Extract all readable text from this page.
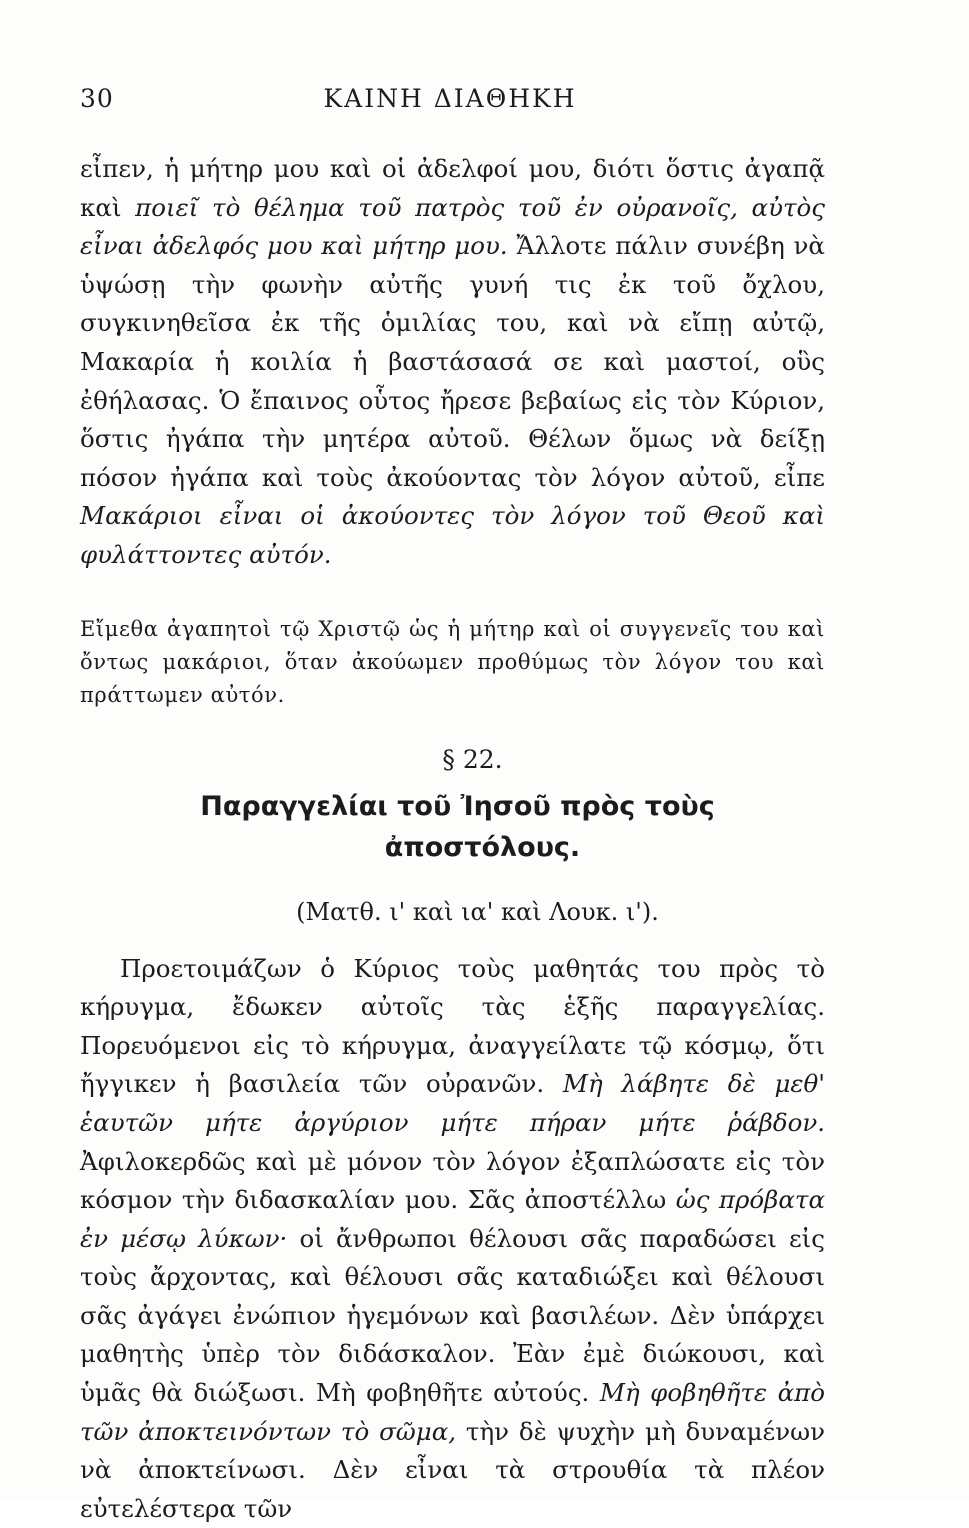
30	ΚΑΙΝΗ ΔΙΑΘΗΚΗ

εἶπεν, ἡ μήτηρ μου καὶ οἱ ἀδελφοί μου, διότι ὅστις ἀγαπᾷ καὶ ποιεῖ τὸ θέλημα τοῦ πατρὸς τοῦ ἐν οὐρανοῖς, αὐτὸς εἶναι ἀδελφός μου καὶ μήτηρ μου. Ἄλλοτε πάλιν συνέβη νὰ ὑψώσῃ τὴν φωνὴν αὐτῆς γυνή τις ἐκ τοῦ ὄχλου, συγκινηθεῖσα ἐκ τῆς ὁμιλίας του, καὶ νὰ εἴπῃ αὐτῷ, Μακαρία ἡ κοιλία ἡ βαστάσασά σε καὶ μαστοί, οὓς ἐθήλασας. Ὁ ἔπαινος οὗτος ἤρεσε βεβαίως εἰς τὸν Κύριον, ὅστις ἠγάπα τὴν μητέρα αὐτοῦ. Θέλων ὅμως νὰ δείξῃ πόσον ἠγάπα καὶ τοὺς ἀκούοντας τὸν λόγον αὐτοῦ, εἶπε Μακάριοι εἶναι οἱ ἀκούοντες τὸν λόγον τοῦ Θεοῦ καὶ φυλάττοντες αὐτόν.

Εἴμεθα ἀγαπητοὶ τῷ Χριστῷ ὡς ἡ μήτηρ καὶ οἱ συγγενεῖς του καὶ ὄντως μακάριοι, ὅταν ἀκούωμεν προθύμως τὸν λόγον του καὶ πράττωμεν αὐτόν.

§ 22.
Παραγγελίαι τοῦ Ἰησοῦ πρὸς τοὺς
ἀποστόλους.
(Ματθ. ι' καὶ ια' καὶ Λουκ. ι').

Προετοιμάζων ὁ Κύριος τοὺς μαθητάς του πρὸς τὸ κήρυγμα, ἔδωκεν αὐτοῖς τὰς ἑξῆς παραγγελίας. Πορευόμενοι εἰς τὸ κήρυγμα, ἀναγγείλατε τῷ κόσμῳ, ὅτι ἤγγικεν ἡ βασιλεία τῶν οὐρανῶν. Μὴ λάβητε δὲ μεθ' ἑαυτῶν μήτε ἀργύριον μήτε πήραν μήτε ῥάβδον. Ἀφιλοκερδῶς καὶ μὲ μόνον τὸν λόγον ἐξαπλώσατε εἰς τὸν κόσμον τὴν διδασκαλίαν μου. Σᾶς ἀποστέλλω ὡς πρόβατα ἐν μέσῳ λύκων· οἱ ἄνθρωποι θέλουσι σᾶς παραδώσει εἰς τοὺς ἄρχοντας, καὶ θέλουσι σᾶς καταδιώξει καὶ θέλουσι σᾶς ἀγάγει ἐνώπιον ἡγεμόνων καὶ βασιλέων. Δὲν ὑπάρχει μαθητὴς ὑπὲρ τὸν διδάσκαλον. Ἐὰν ἐμὲ διώκουσι, καὶ ὑμᾶς θὰ διώξωσι. Μὴ φοβηθῆτε αὐτούς. Μὴ φοβηθῆτε ἀπὸ τῶν ἀποκτεινόντων τὸ σῶμα, τὴν δὲ ψυχὴν μὴ δυναμένων νὰ ἀποκτείνωσι. Δὲν εἶναι τὰ στρουθία τὰ πλέον εὐτελέστερα τῶν
